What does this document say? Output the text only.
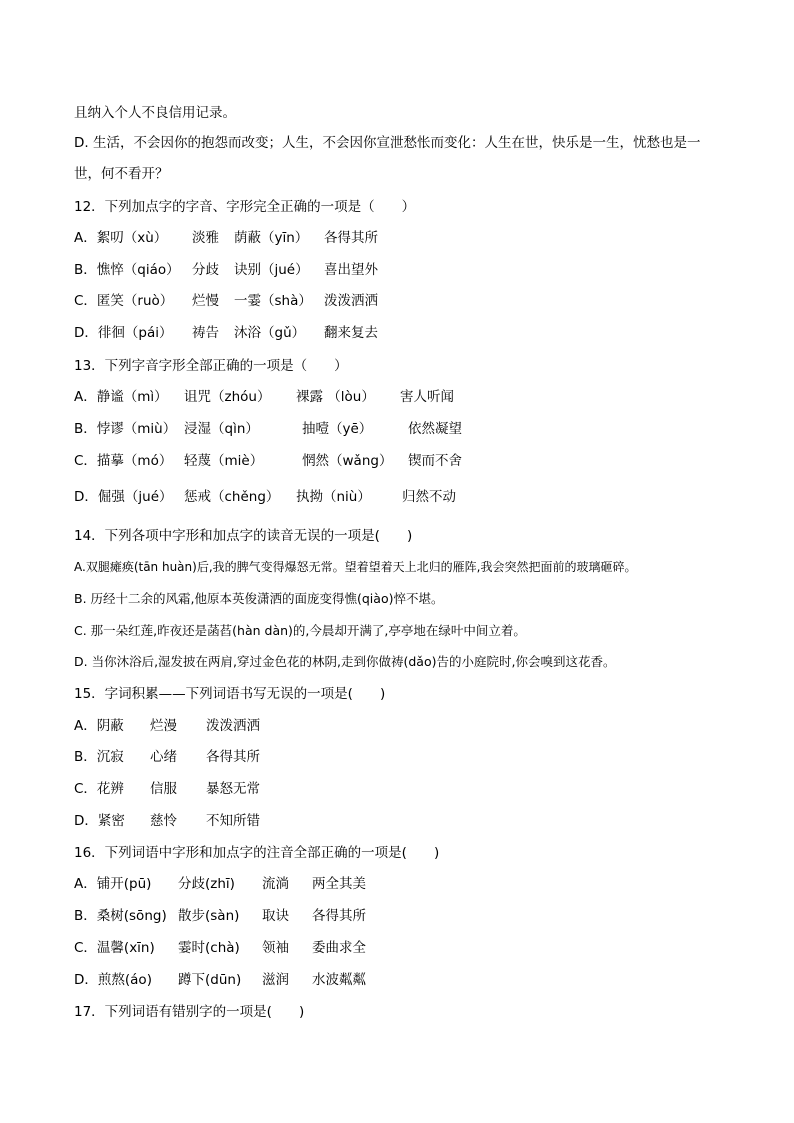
且纳入个人不良信用记录。
D. 生活，不会因你的抱怨而改变；人生，不会因你宣泄愁怅而变化：人生在世，快乐是一生，忧愁也是一
世，何不看开？
12．下列加点字的字音、字形完全正确的一项是（　　）
A．絮叨（xù） 淡雅 荫蔽（yīn） 各得其所
B．憔悴（qiáo） 分歧 诀别（jué） 喜出望外
C．匿笑（ruò） 烂慢 一霎（shà） 泼泼洒洒
D．徘徊（pái） 祷告 沐浴（gǔ） 翻来复去
13．下列字音字形全部正确的一项是（　　）
A．静谧（mì） 诅咒（zhóu） 裸露 （lòu） 害人听闻
B．悖谬（miù） 浸湿（qìn）	抽噎（yē）	依然凝望
C．描摹（mó） 轻蔑（miè）	惘然（wǎng） 锲而不舍
D．倔强（jué） 惩戒（chěng） 执拗（niù） 归然不动
14．下列各项中字形和加点字的读音无误的一项是(　　)
A.双腿瘫痪(tān huàn)后,我的脾气变得爆怒无常。望着望着天上北归的雁阵,我会突然把面前的玻璃砸碎。
B. 历经十二余的风霜,他原本英俊潇洒的面庞变得憔(qiào)悴不堪。
C. 那一朵红莲,昨夜还是菡萏(hàn dàn)的,今晨却开满了,亭亭地在绿叶中间立着。
D. 当你沐浴后,湿发披在两肩,穿过金色花的林阴,走到你做祷(dǎo)告的小庭院时,你会嗅到这花香。
15．字词积累——下列词语书写无误的一项是(　　)
A．阴蔽 烂漫 泼泼洒洒
B．沉寂 心绪 各得其所
C．花辨 信服 暴怒无常
D．紧密 慈怜 不知所错
16．下列词语中字形和加点字的注音全部正确的一项是(　　)
A．铺开(pū) 分歧(zhī) 流淌 两全其美
B．桑树(sōng) 散步(sàn) 取诀 各得其所
C．温馨(xīn) 霎时(chà) 领袖 委曲求全
D．煎熬(áo) 蹲下(dūn) 滋润 水波粼粼
17．下列词语有错别字的一项是(　　)
